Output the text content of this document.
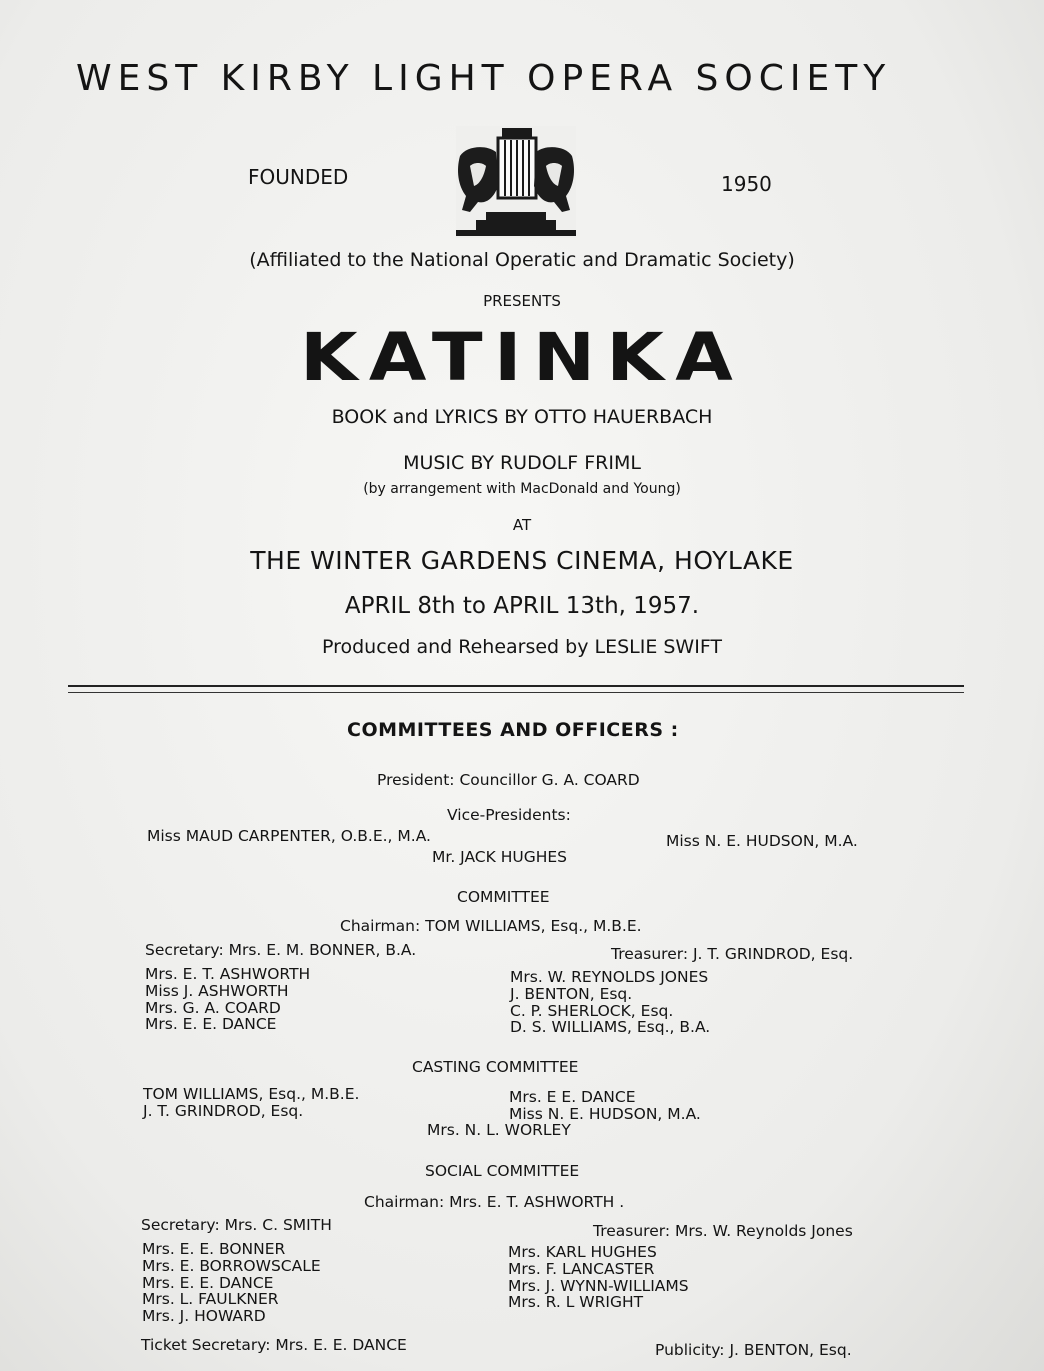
WEST KIRBY LIGHT OPERA SOCIETY
FOUNDED	1950
(Affiliated to the National Operatic and Dramatic Society)
PRESENTS
KATINKA
BOOK and LYRICS BY OTTO HAUERBACH
MUSIC BY RUDOLF FRIML
(by arrangement with MacDonald and Young)
AT
THE WINTER GARDENS CINEMA, HOYLAKE
APRIL 8th to APRIL 13th, 1957.
Produced and Rehearsed by LESLIE SWIFT
COMMITTEES AND OFFICERS :
President: Councillor G. A. COARD
Vice-Presidents:
Miss MAUD CARPENTER, O.B.E., M.A.	Miss N. E. HUDSON, M.A.
Mr. JACK HUGHES
COMMITTEE
Chairman: TOM WILLIAMS, Esq., M.B.E.
Secretary: Mrs. E. M. BONNER, B.A.	Treasurer: J. T. GRINDROD, Esq.
Mrs. E. T. ASHWORTH
Miss J. ASHWORTH
Mrs. G. A. COARD
Mrs. E. E. DANCE
Mrs. W. REYNOLDS JONES
J. BENTON, Esq.
C. P. SHERLOCK, Esq.
D. S. WILLIAMS, Esq., B.A.
CASTING COMMITTEE
TOM WILLIAMS, Esq., M.B.E.
J. T. GRINDROD, Esq.
Mrs. E E. DANCE
Miss N. E. HUDSON, M.A.
Mrs. N. L. WORLEY
SOCIAL COMMITTEE
Chairman: Mrs. E. T. ASHWORTH .
Secretary: Mrs. C. SMITH	Treasurer: Mrs. W. Reynolds Jones
Mrs. E. E. BONNER
Mrs. E. BORROWSCALE
Mrs. E. E. DANCE
Mrs. L. FAULKNER
Mrs. J. HOWARD
Mrs. KARL HUGHES
Mrs. F. LANCASTER
Mrs. J. WYNN-WILLIAMS
Mrs. R. L WRIGHT
Ticket Secretary: Mrs. E. E. DANCE	Publicity: J. BENTON, Esq.
